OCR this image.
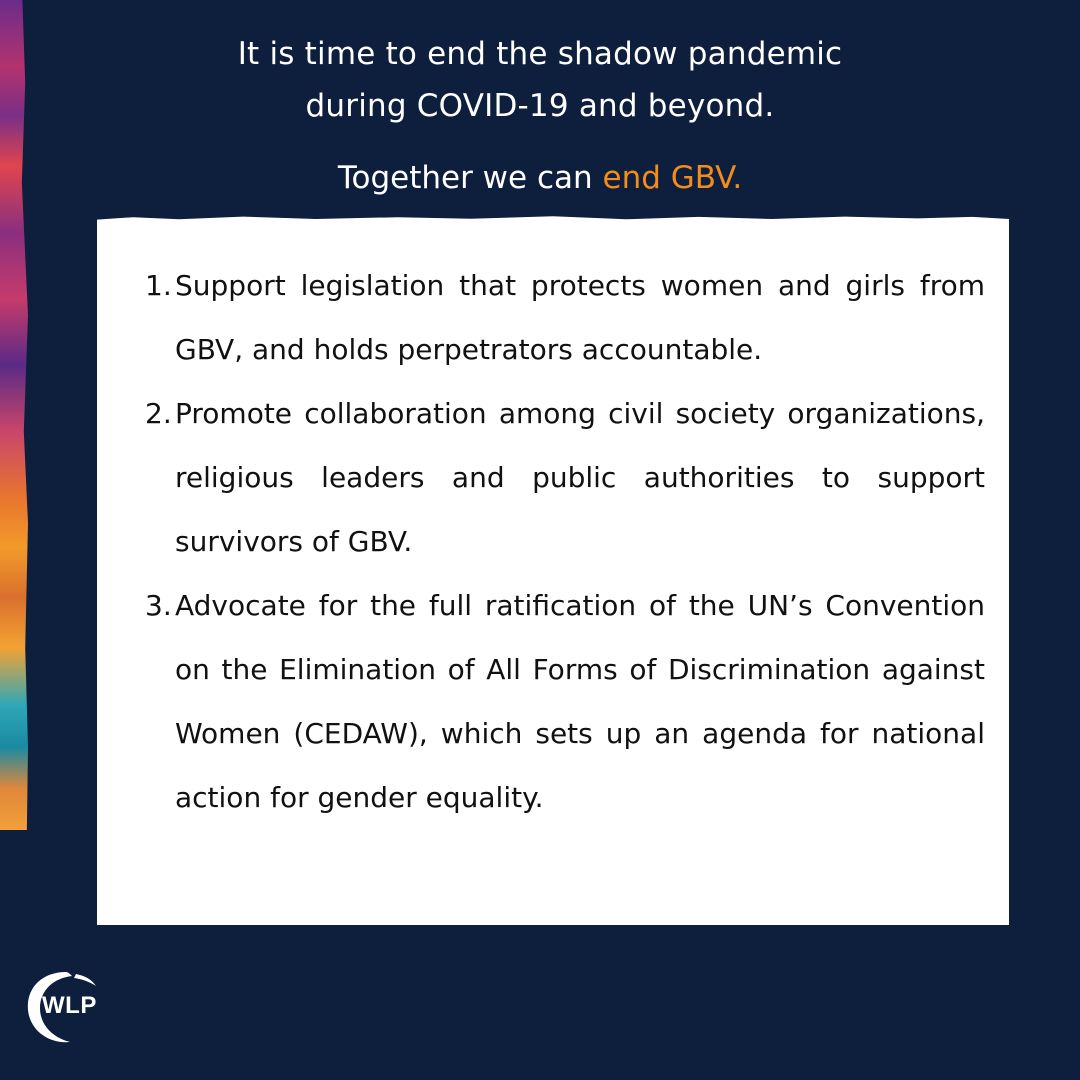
It is time to end the shadow pandemic
during COVID-19 and beyond.
Together we can end GBV.
1. Support legislation that protects women and girls from GBV, and holds perpetrators accountable.
2. Promote collaboration among civil society organizations, religious leaders and public authorities to support survivors of GBV.
3. Advocate for the full ratification of the UN’s Convention on the Elimination of All Forms of Discrimination against Women (CEDAW), which sets up an agenda for national action for gender equality.
WLP
